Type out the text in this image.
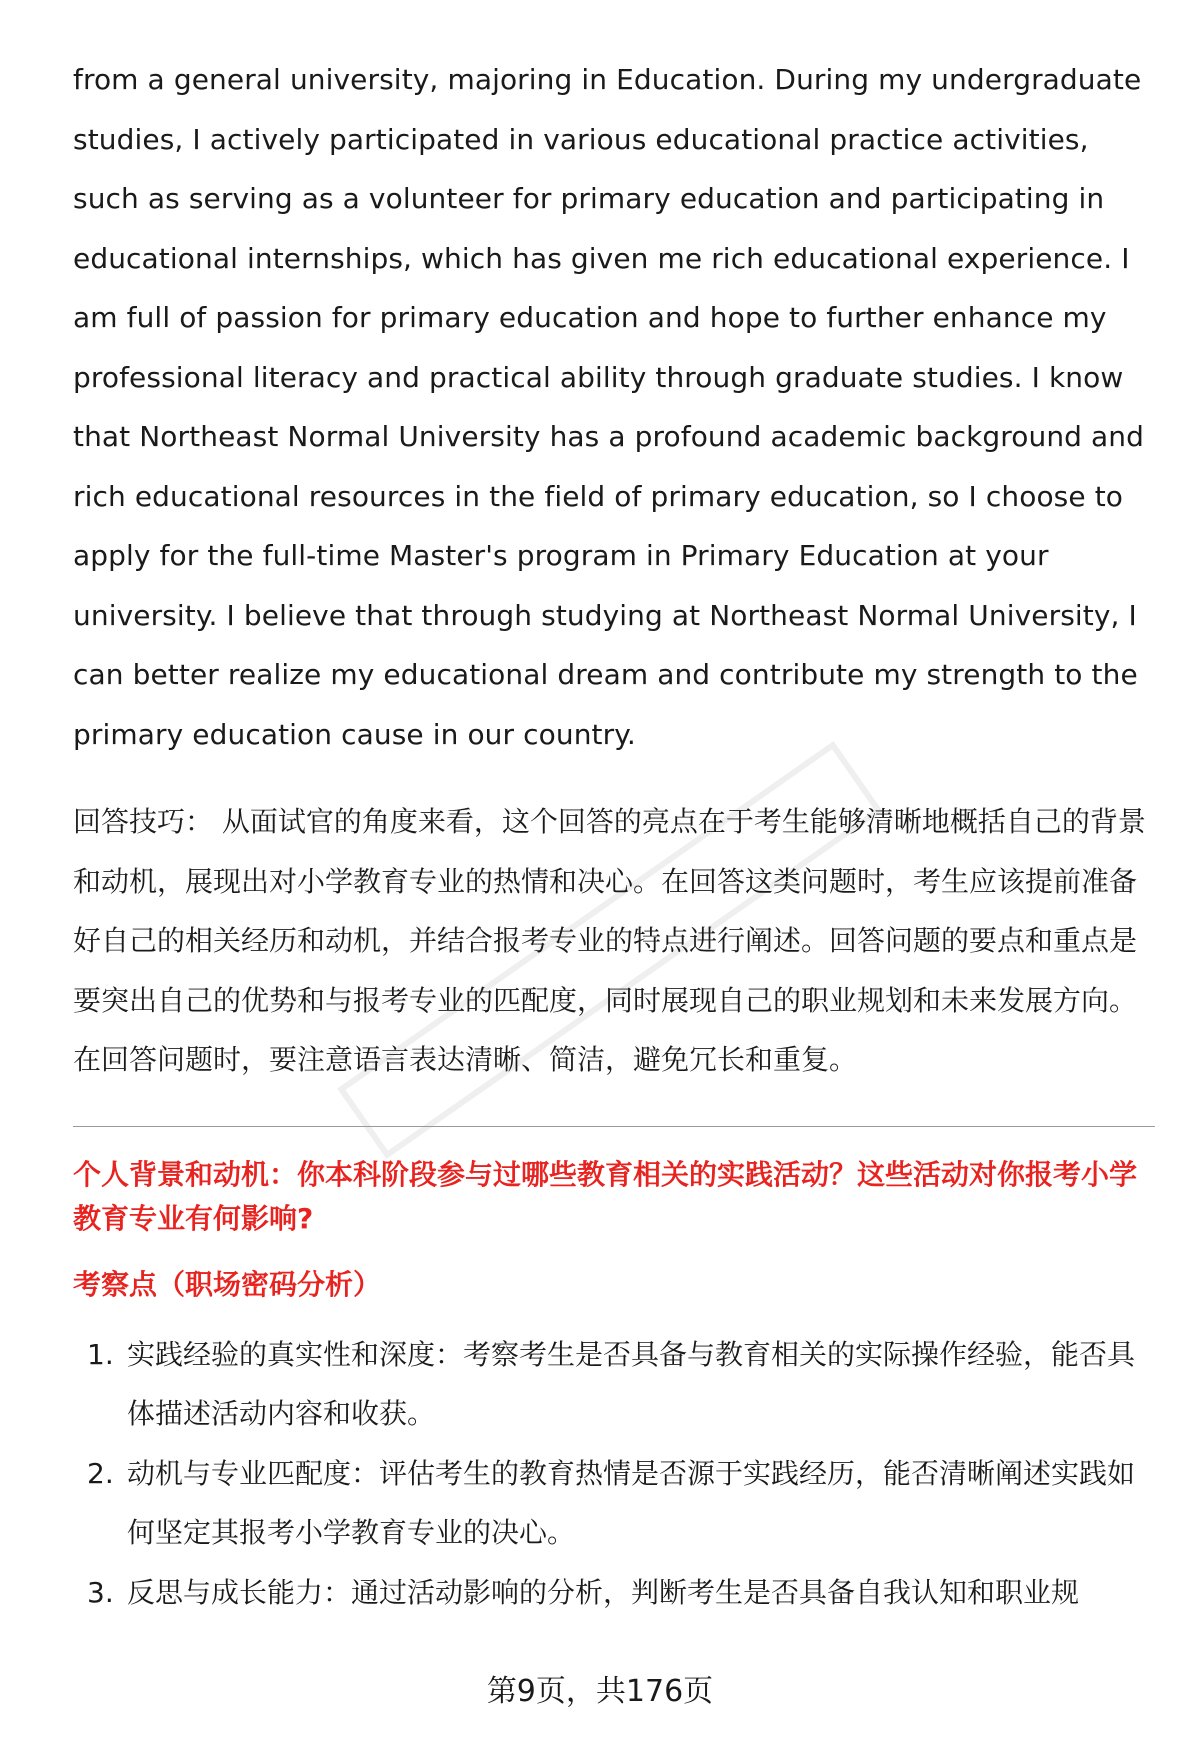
from a general university, majoring in Education. During my undergraduate studies, I actively participated in various educational practice activities, such as serving as a volunteer for primary education and participating in educational internships, which has given me rich educational experience. I am full of passion for primary education and hope to further enhance my professional literacy and practical ability through graduate studies. I know that Northeast Normal University has a profound academic background and rich educational resources in the field of primary education, so I choose to apply for the full-time Master's program in Primary Education at your university. I believe that through studying at Northeast Normal University, I can better realize my educational dream and contribute my strength to the primary education cause in our country.

回答技巧： 从面试官的角度来看，这个回答的亮点在于考生能够清晰地概括自己的背景和动机，展现出对小学教育专业的热情和决心。在回答这类问题时，考生应该提前准备好自己的相关经历和动机，并结合报考专业的特点进行阐述。回答问题的要点和重点是要突出自己的优势和与报考专业的匹配度，同时展现自己的职业规划和未来发展方向。在回答问题时，要注意语言表达清晰、简洁，避免冗长和重复。

个人背景和动机：你本科阶段参与过哪些教育相关的实践活动？这些活动对你报考小学教育专业有何影响?
考察点（职场密码分析）
1. 实践经验的真实性和深度：考察考生是否具备与教育相关的实际操作经验，能否具体描述活动内容和收获。
2. 动机与专业匹配度：评估考生的教育热情是否源于实践经历，能否清晰阐述实践如何坚定其报考小学教育专业的决心。
3. 反思与成长能力：通过活动影响的分析，判断考生是否具备自我认知和职业规
第9页，共176页
